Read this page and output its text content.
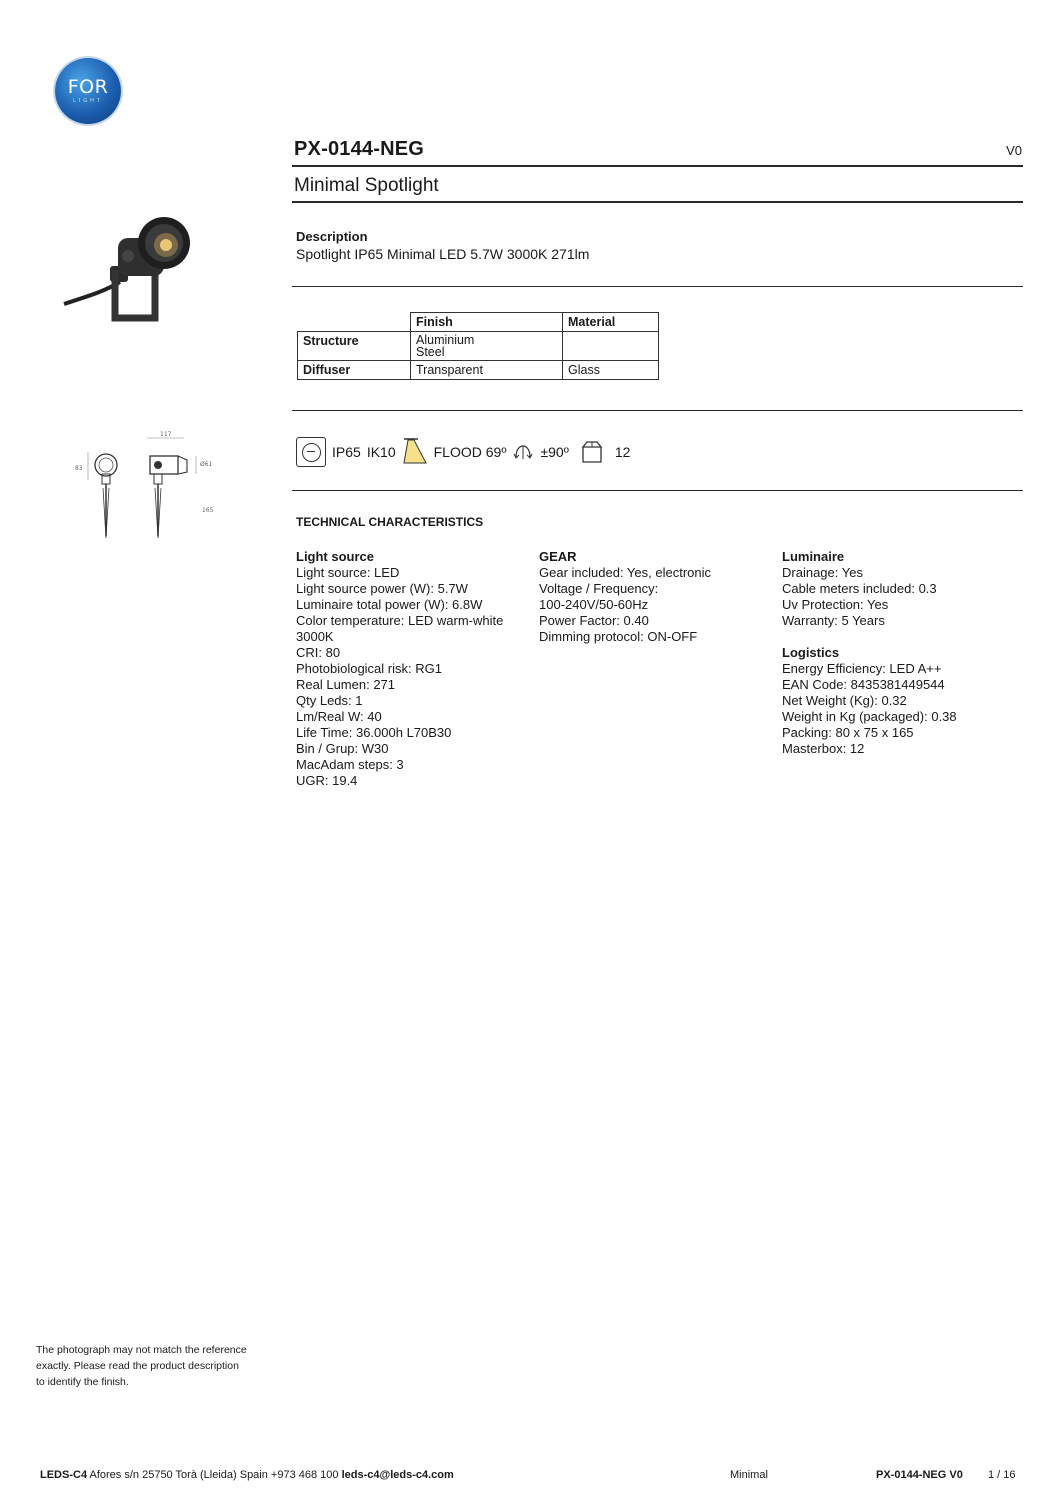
FOR
LIGHT
PX-0144-NEG	V0
Minimal Spotlight
Description
Spotlight IP65 Minimal LED 5.7W 3000K 271lm
	Finish	Material
Structure	Aluminium
Steel	

Diffuser	Transparent	Glass
117
83
Ø61
165
IP65 IK10	FLOOD 69º ±90º	12
TECHNICAL CHARACTERISTICS
Light source
Light source: LED
Light source power (W): 5.7W
Luminaire total power (W): 6.8W
Color temperature: LED warm-white
3000K
CRI: 80
Photobiological risk: RG1
Real Lumen: 271
Qty Leds: 1
Lm/Real W: 40
Life Time: 36.000h L70B30
Bin / Grup: W30
MacAdam steps: 3
UGR: 19.4
GEAR
Gear included: Yes, electronic
Voltage / Frequency:
100-240V/50-60Hz
Power Factor: 0.40
Dimming protocol: ON-OFF
Luminaire
Drainage: Yes
Cable meters included: 0.3
Uv Protection: Yes
Warranty: 5 Years
Logistics
Energy Efficiency: LED A++
EAN Code: 8435381449544
Net Weight (Kg): 0.32
Weight in Kg (packaged): 0.38
Packing: 80 x 75 x 165
Masterbox: 12
The photograph may not match the reference
exactly. Please read the product description
to identify the finish.
LEDS-C4 Afores s/n 25750 Torà (Lleida) Spain +973 468 100 leds-c4@leds-c4.com	Minimal	PX-0144-NEG V0 1 / 16
